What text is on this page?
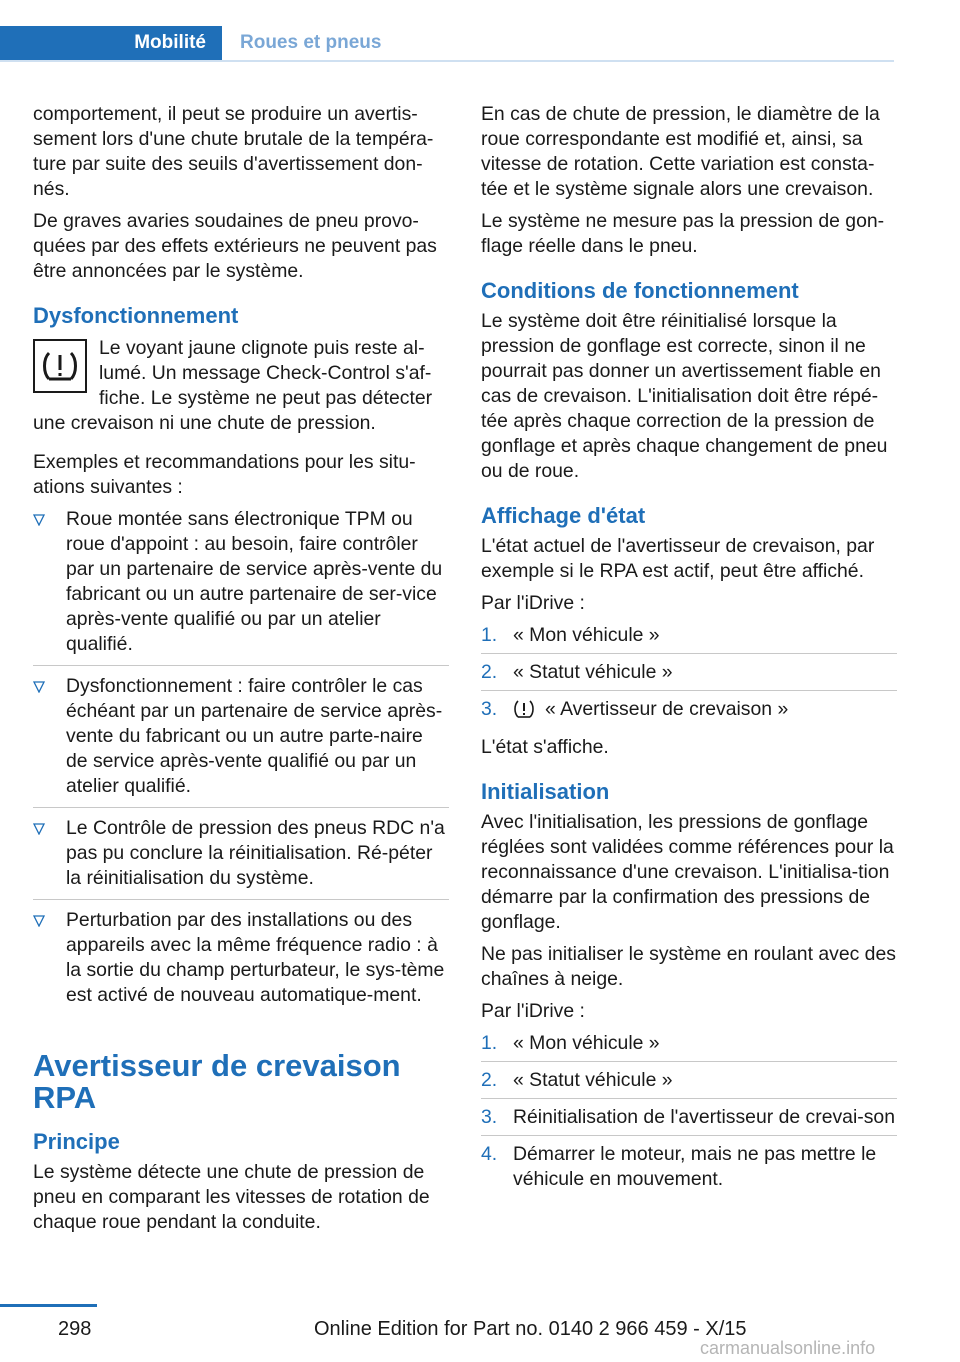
Mobilité Roues et pneus

comportement, il peut se produire un avertis-sement lors d'une chute brutale de la tempéra-ture par suite des seuils d'avertissement don-nés.

De graves avaries soudaines de pneu provo-quées par des effets extérieurs ne peuvent pas être annoncées par le système.

Dysfonctionnement
Le voyant jaune clignote puis reste al-lumé. Un message Check-Control s'af-fiche. Le système ne peut pas détecter

une crevaison ni une chute de pression.

Exemples et recommandations pour les situ-ations suivantes :

Roue montée sans électronique TPM ou roue d'appoint : au besoin, faire contrôler par un partenaire de service après-vente du fabricant ou un autre partenaire de ser-vice après-vente qualifié ou par un atelier qualifié.
Dysfonctionnement : faire contrôler le cas échéant par un partenaire de service après-vente du fabricant ou un autre parte-naire de service après-vente qualifié ou par un atelier qualifié.
Le Contrôle de pression des pneus RDC n'a pas pu conclure la réinitialisation. Ré-péter la réinitialisation du système.
Perturbation par des installations ou des appareils avec la même fréquence radio : à la sortie du champ perturbateur, le sys-tème est activé de nouveau automatique-ment.
Avertisseur de crevaison
RPA
Principe

Le système détecte une chute de pression de pneu en comparant les vitesses de rotation de chaque roue pendant la conduite.

En cas de chute de pression, le diamètre de la roue correspondante est modifié et, ainsi, sa vitesse de rotation. Cette variation est consta-tée et le système signale alors une crevaison.

Le système ne mesure pas la pression de gon-flage réelle dans le pneu.

Conditions de fonctionnement

Le système doit être réinitialisé lorsque la pression de gonflage est correcte, sinon il ne pourrait pas donner un avertissement fiable en cas de crevaison. L'initialisation doit être répé-tée après chaque correction de la pression de gonflage et après chaque changement de pneu ou de roue.

Affichage d'état

L'état actuel de l'avertisseur de crevaison, par exemple si le RPA est actif, peut être affiché.

Par l'iDrive :

1. « Mon véhicule »
2. « Statut véhicule »
3. « Avertisseur de crevaison »

L'état s'affiche.

Initialisation

Avec l'initialisation, les pressions de gonflage réglées sont validées comme références pour la reconnaissance d'une crevaison. L'initialisa-tion démarre par la confirmation des pressions de gonflage.

Ne pas initialiser le système en roulant avec des chaînes à neige.

Par l'iDrive :

1. « Mon véhicule »
2. « Statut véhicule »
3. Réinitialisation de l'avertisseur de crevai-son
4. Démarrer le moteur, mais ne pas mettre le véhicule en mouvement.
298	Online Edition for Part no. 0140 2 966 459 - X/15
carmanualsonline.info
